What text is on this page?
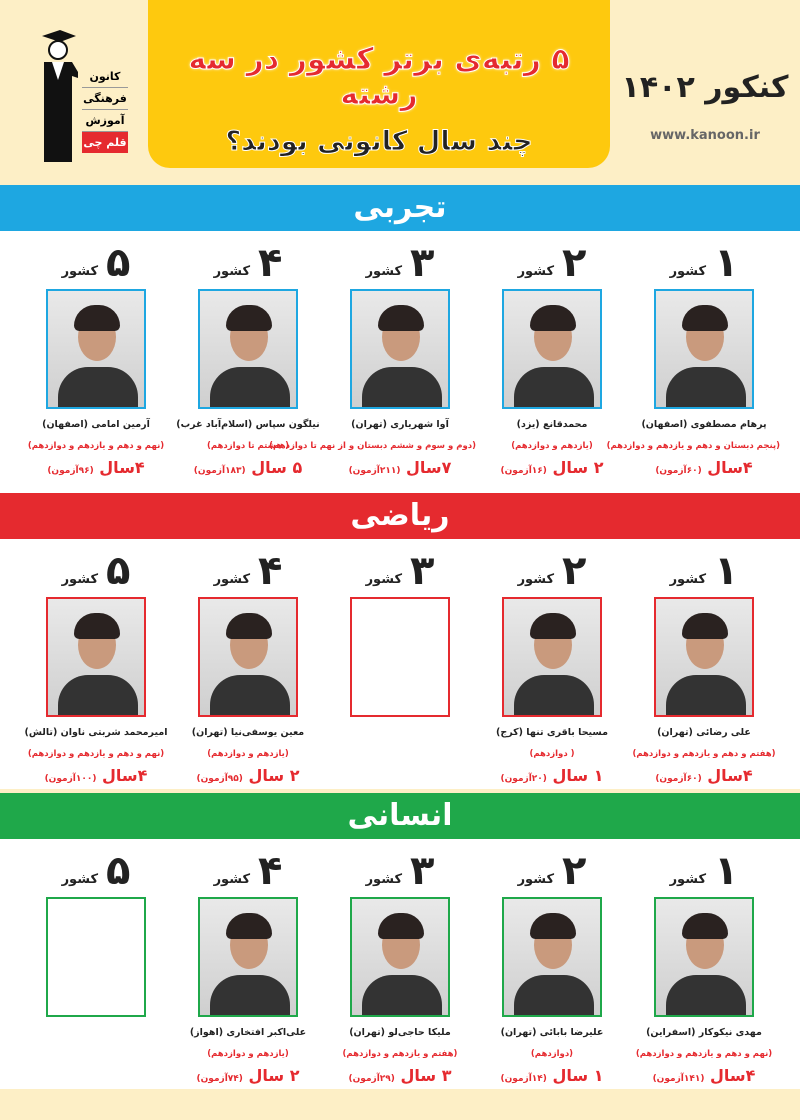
کانون
فرهنگی
آموزش
قلم چی
۵ رتبه‌ی برتر کشور در سه رشته
چند سال کانونی بودند؟
کنکور ۱۴۰۲
www.kanoon.ir
تجربی
۱
کشور
پرهام مصطفوی (اصفهان)
(پنجم دبستان و دهم و یازدهم و دوازدهم)
۴سال (۶۰آزمون)
۲
کشور
محمدقانع (یزد)
(یازدهم و دوازدهم)
۲ سال (۱۶آزمون)
۳
کشور
آوا شهریاری (تهران)
(دوم و سوم و ششم دبستان و از نهم تا دوازدهم)
۷سال (۲۱۱آزمون)
۴
کشور
نیلگون سپاس (اسلام‌آباد غرب)
( هشتم تا دوازدهم)
۵ سال (۱۸۳آزمون)
۵
کشور
آرمین امامی (اصفهان)
(نهم و دهم و یازدهم و دوازدهم)
۴سال (۹۶آزمون)
ریاضی
۱
کشور
علی رضائی (تهران)
(هفتم و دهم و یازدهم و دوازدهم)
۴سال (۶۰آزمون)
۲
کشور
مسیحا باقری تنها (کرج)
( دوازدهم)
۱ سال (۲۰آزمون)
۳
کشور
۴
کشور
معین یوسفی‌نیا (تهران)
(یازدهم و دوازدهم)
۲ سال (۹۵آزمون)
۵
کشور
امیرمحمد شربتی ناوان (تالش)
(نهم و دهم و یازدهم و دوازدهم)
۴سال (۱۰۰آزمون)
انسانی
۱
کشور
مهدی نیکوکار (اسفراین)
(نهم و دهم و یازدهم و دوازدهم)
۴سال (۱۴۱آزمون)
۲
کشور
علیرضا بابائی (تهران)
(دوازدهم)
۱ سال (۱۴آزمون)
۳
کشور
ملیکا حاجی‌لو (تهران)
(هفتم و یازدهم و دوازدهم)
۳ سال (۲۹آزمون)
۴
کشور
علی‌اکبر افتخاری (اهواز)
(یازدهم و دوازدهم)
۲ سال (۷۴آزمون)
۵
کشور
